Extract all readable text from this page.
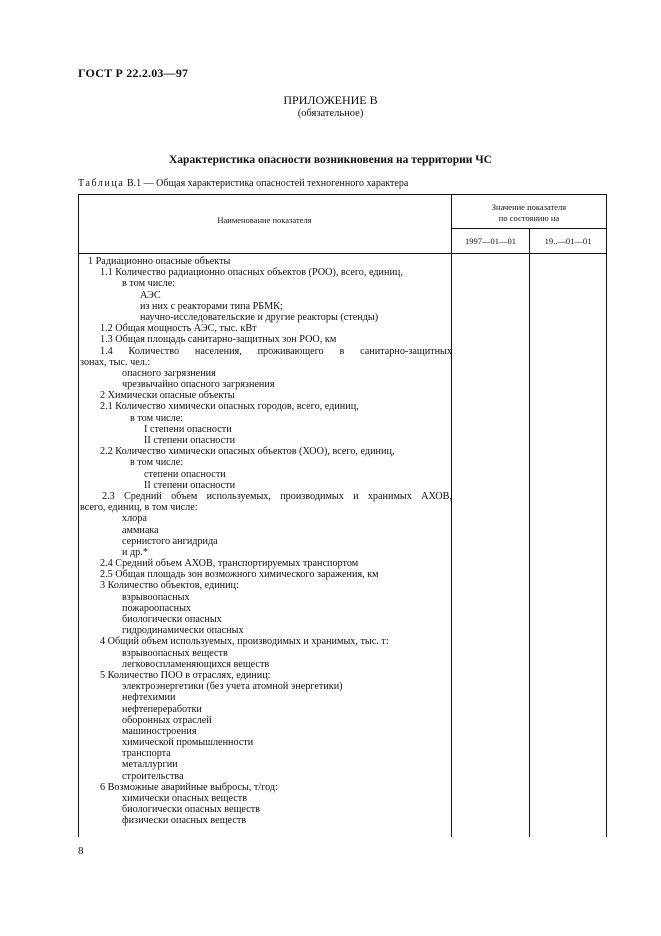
ГОСТ Р 22.2.03—97
ПРИЛОЖЕНИЕ В
(обязательное)
Характеристика опасности возникновения на территории ЧС
Таблица В.1 — Общая характеристика опасностей техногенного характера
Наименование показателя
Значение показателя
по состоянию на
1997—01—01	19..—01—01
1 Радиационно опасные объекты
1.1 Количество радиационно опасных объектов (РОО), всего, единиц,
в том числе:
АЭС
из них с реакторами типа РБМК;
научно-исследовательские и другие реакторы (стенды)
1.2 Общая мощность АЭС, тыс. кВт
1.3 Общая площадь санитарно-защитных зон РОО, км
1.4 Количество населения, проживающего в санитарно-защитных
зонах, тыс. чел.:
опасного загрязнения
чрезвычайно опасного загрязнения
2 Химически опасные объекты
2.1 Количество химически опасных городов, всего, единиц,
в том числе:
I степени опасности
II степени опасности
2.2 Количество химически опасных объектов (ХОО), всего, единиц,
в том числе:
степени опасности
II степени опасности
2.3 Средний объем используемых, производимых и хранимых АХОВ,
всего, единиц, в том числе:
хлора
аммиака
сернистого ангидрида
и др.*
2.4 Средний объем АХОВ, транспортируемых транспортом
2.5 Общая площадь зон возможного химического заражения, км
3 Количество объектов, единиц:
взрывоопасных
пожароопасных
биологически опасных
гидродинамически опасных
4 Общий объем используемых, производимых и хранимых, тыс. т:
взрывоопасных веществ
легковоспламеняющихся веществ
5 Количество ПОО в отраслях, единиц:
электроэнергетики (без учета атомной энергетики)
нефтехимии
нефтепереработки
оборонных отраслей
машиностроения
химической промышленности
транспорта
металлургии
строительства
6 Возможные аварийные выбросы, т/год:
химически опасных веществ
биологически опасных веществ
физически опасных веществ
8
